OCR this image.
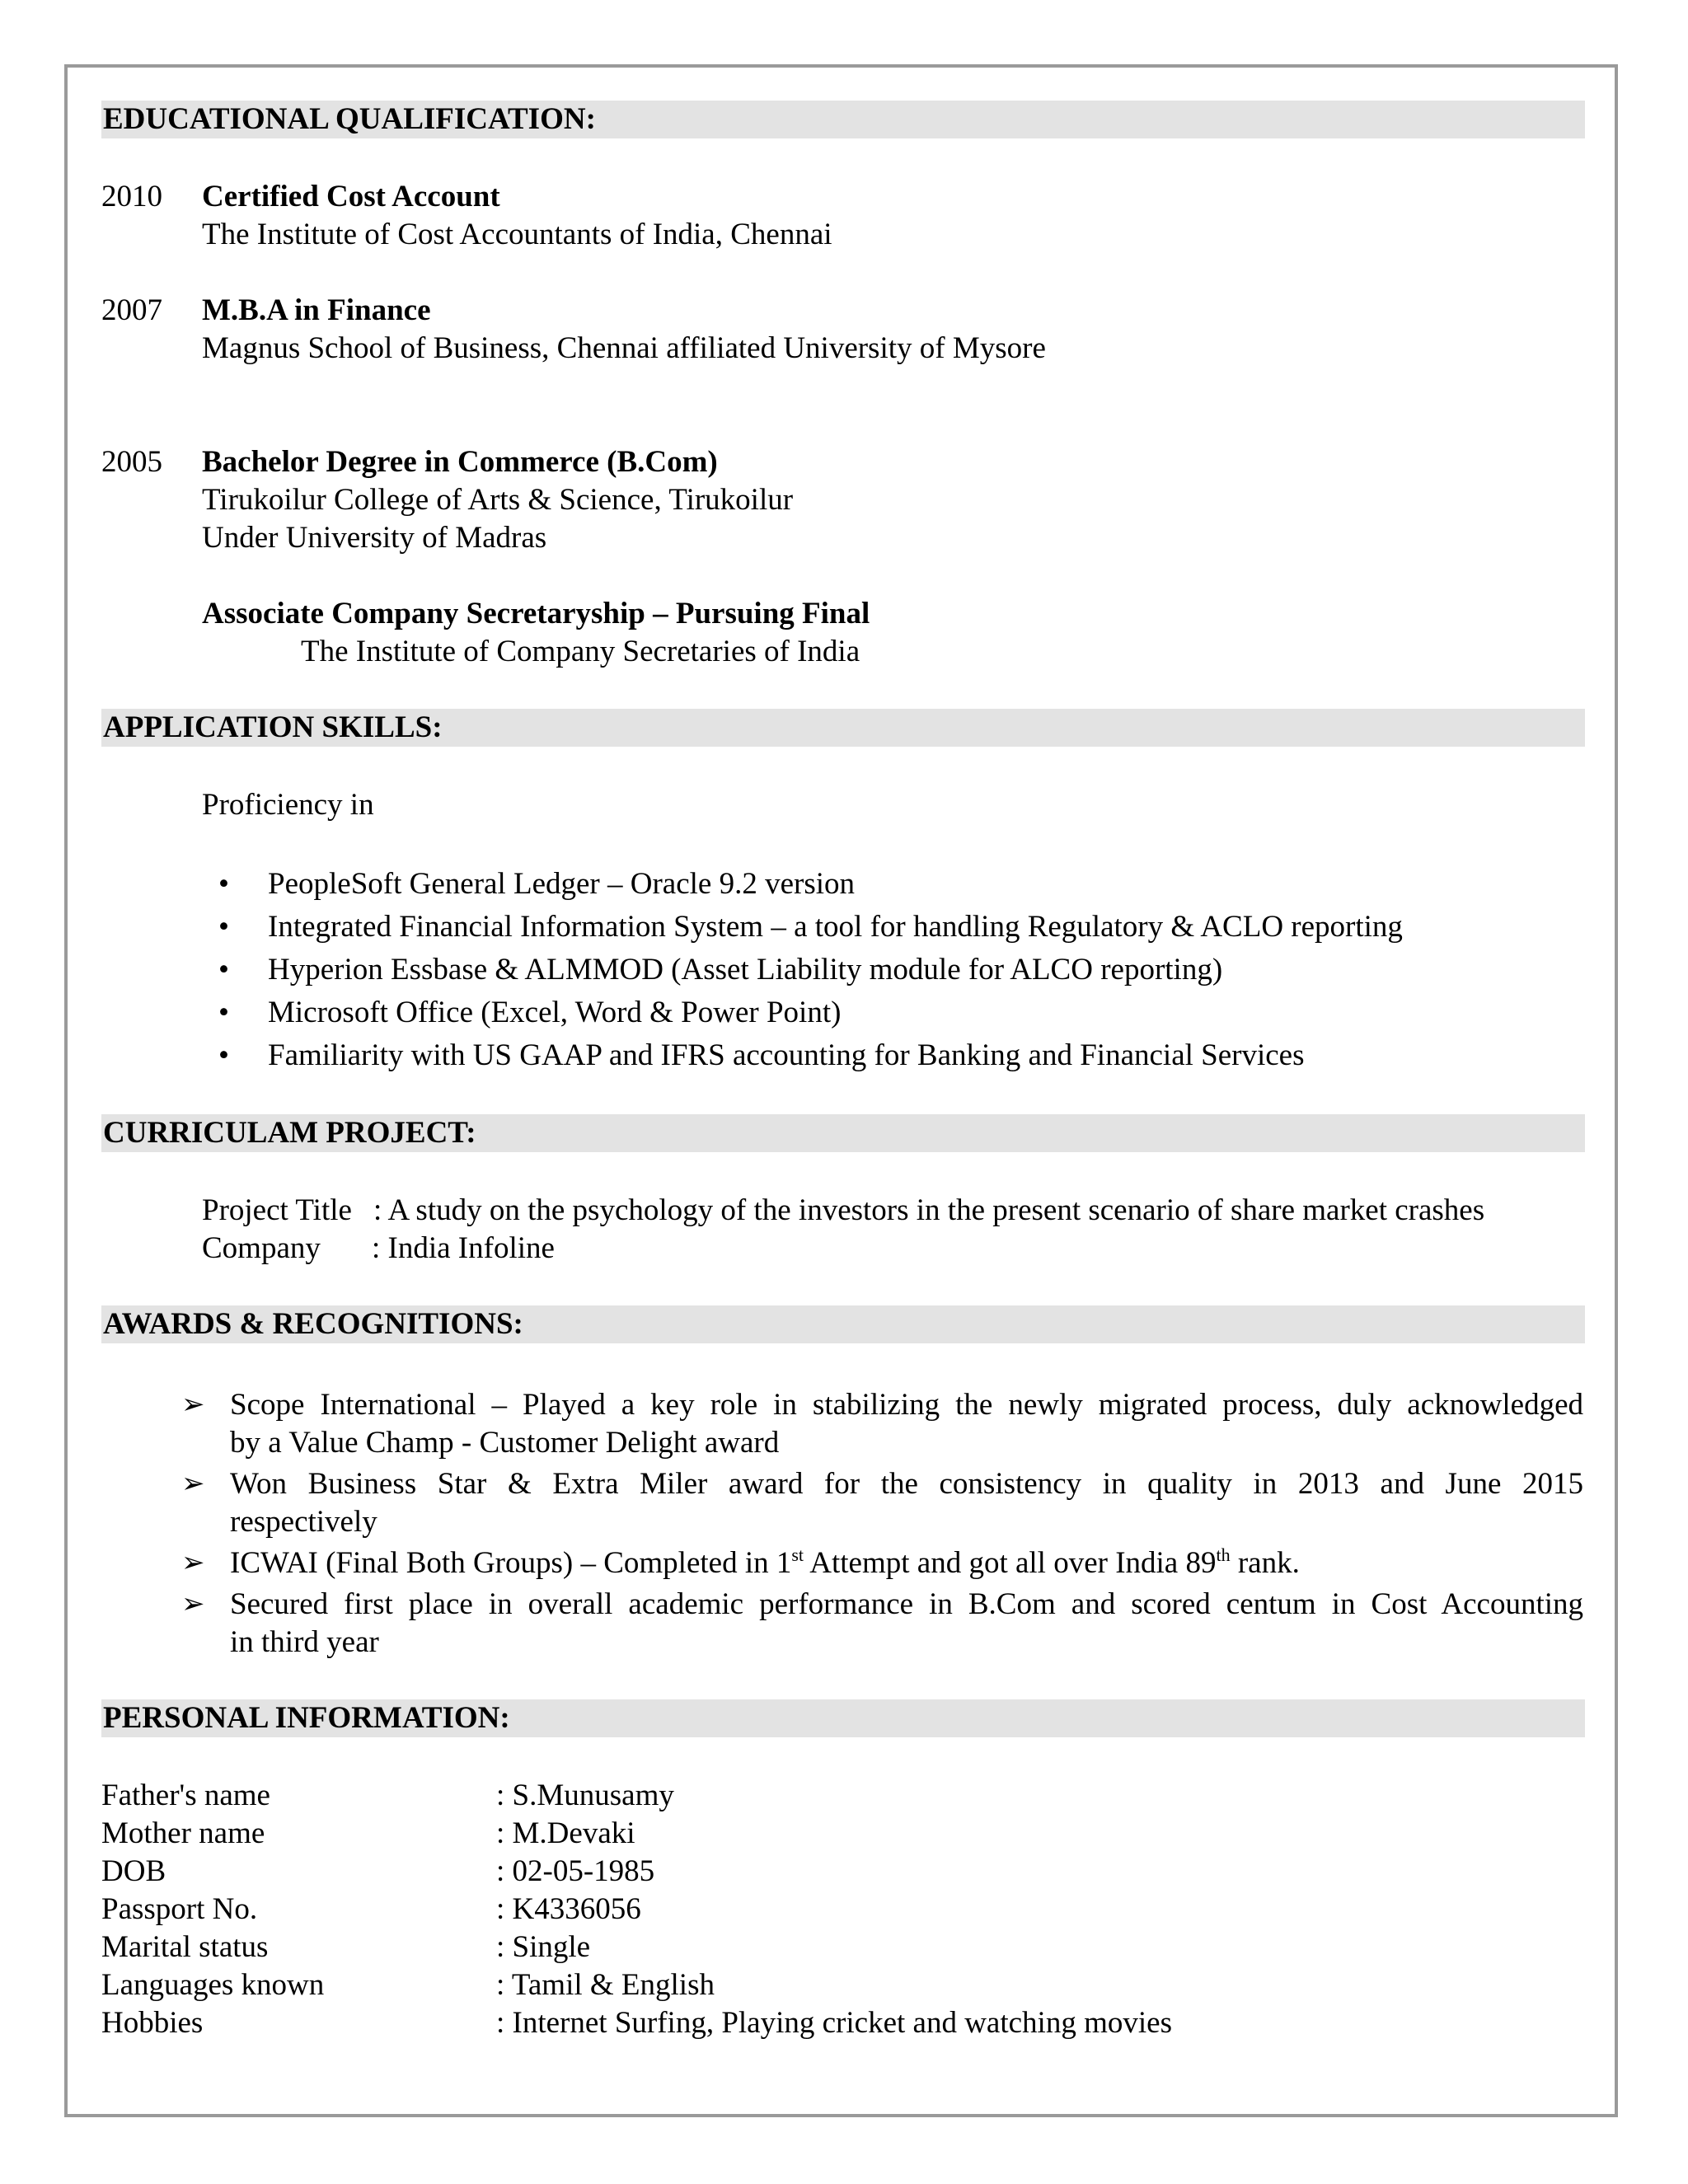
EDUCATIONAL QUALIFICATION:
2010 Certified Cost Account
The Institute of Cost Accountants of India, Chennai
2007 M.B.A in Finance
Magnus School of Business, Chennai affiliated University of Mysore
2005 Bachelor Degree in Commerce (B.Com)
Tirukoilur College of Arts & Science, Tirukoilur
Under University of Madras
Associate Company Secretaryship – Pursuing Final
The Institute of Company Secretaries of India
APPLICATION SKILLS:
Proficiency in
• PeopleSoft General Ledger – Oracle 9.2 version
• Integrated Financial Information System – a tool for handling Regulatory & ACLO reporting
• Hyperion Essbase & ALMMOD (Asset Liability module for ALCO reporting)
• Microsoft Office (Excel, Word & Power Point)
• Familiarity with US GAAP and IFRS accounting for Banking and Financial Services
CURRICULAM PROJECT:
Project Title : A study on the psychology of the investors in the present scenario of share market crashes
Company : India Infoline
AWARDS & RECOGNITIONS:
➢ Scope International – Played a key role in stabilizing the newly migrated process, duly acknowledged
by a Value Champ - Customer Delight award
➢ Won Business Star & Extra Miler award for the consistency in quality in 2013 and June 2015
respectively
➢ ICWAI (Final Both Groups) – Completed in 1st Attempt and got all over India 89th rank.
➢ Secured first place in overall academic performance in B.Com and scored centum in Cost Accounting
in third year
PERSONAL INFORMATION:
Father's name	: S.Munusamy
Mother name	: M.Devaki
DOB	: 02-05-1985
Passport No.	: K4336056
Marital status	: Single
Languages known	: Tamil & English
Hobbies	: Internet Surfing, Playing cricket and watching movies
